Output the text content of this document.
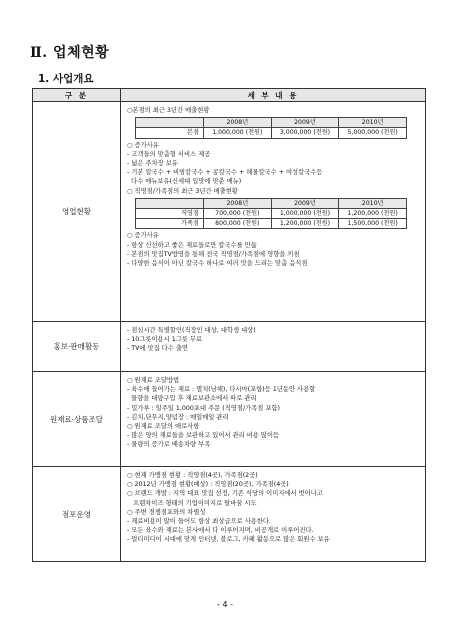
Ⅱ. 업체현황
1. 사업개요
구 분	세 부 내 용
영업현황	
○본점의 최근 3년간 매출현황
	2008년	2009년	2010년
본점	1,000,000 (천원)	3,000,000 (천원)	5,000,000 (천원)
○ 증가사유
- 고객들의 맞춤형 서비스 제공
- 넓은 주차장 보유
- 기본 칼국수 + 비빔칼국수 + 콩칼국수 + 해물칼국수 + 여성칼국수등
다수 메뉴보유(신세대 입맛에 맞춘 메뉴)
○ 직영점/가족점의 최근 3년간 매출현황
	2008년	2009년	2010년
직영점	700,000 (천원)	1,000,000 (천원)	1,200,000 (천원)
가족점	800,000 (천원)	1,200,000 (천원)	1,500,000 (천원)
○ 증가사유
- 항상 신선하고 좋은 재료들로만 칼국수를 만듦
- 본점의 맛집TV방영을 통해 전국 직영점/가족점에 영향을 끼침
- 다양한 음식이 아닌 칼국수 하나로 여러 맛을 드리는 맞춤 음식점

홍보·판매활동	
- 점심시간 특별할인(직장인 대상, 대학생 대상)
- 10그릇이용시 1그릇 무료
- TV에 맛집 다수 출연

원재료·상품조달	
○ 원재료 조달방법
- 육수에 들어가는 재료 : 멸치(남해), 다시마(포항)등 1년동안 사용할
물량을 대량구입 후 재료보관소에서 따로 관리
- 밀가루 : 일주일 1,000포대 주문 (직영점/가족점 포함)
- 김치,단무지,양념장 : 매일매일 관리
○ 원재료 조달의 애로사항
- 많은 양의 재료들을 보관하고 있어서 관리 비용 많이듬
- 물량의 증가로 배송차량 부족

점포운영	
○ 현재 가맹점 현황 : 직영점(4곳), 가족점(2곳)
○ 2012년 가맹점 현황(예상) : 직영점(20곳), 가족점(4곳)
○ 브랜드 개발 : 지역 대표 맛집 선정, 기존 식당의 이미지에서 벗어나고
프랜차이즈 형태의 기업이미지로 탈바꿈 시도
○ 주변 경쟁점포와의 차별성
- 재료비용이 많이 들어도 항상 최상급으로 사용한다.
- 모든 육수와 재료는 본사에서 다 이루어지며, 비공개로 이루어진다.
- 멀티미디어 시대에 맞게 인터넷, 블로그, 카페 활동으로 많은 회원수 보유
- 4 -
